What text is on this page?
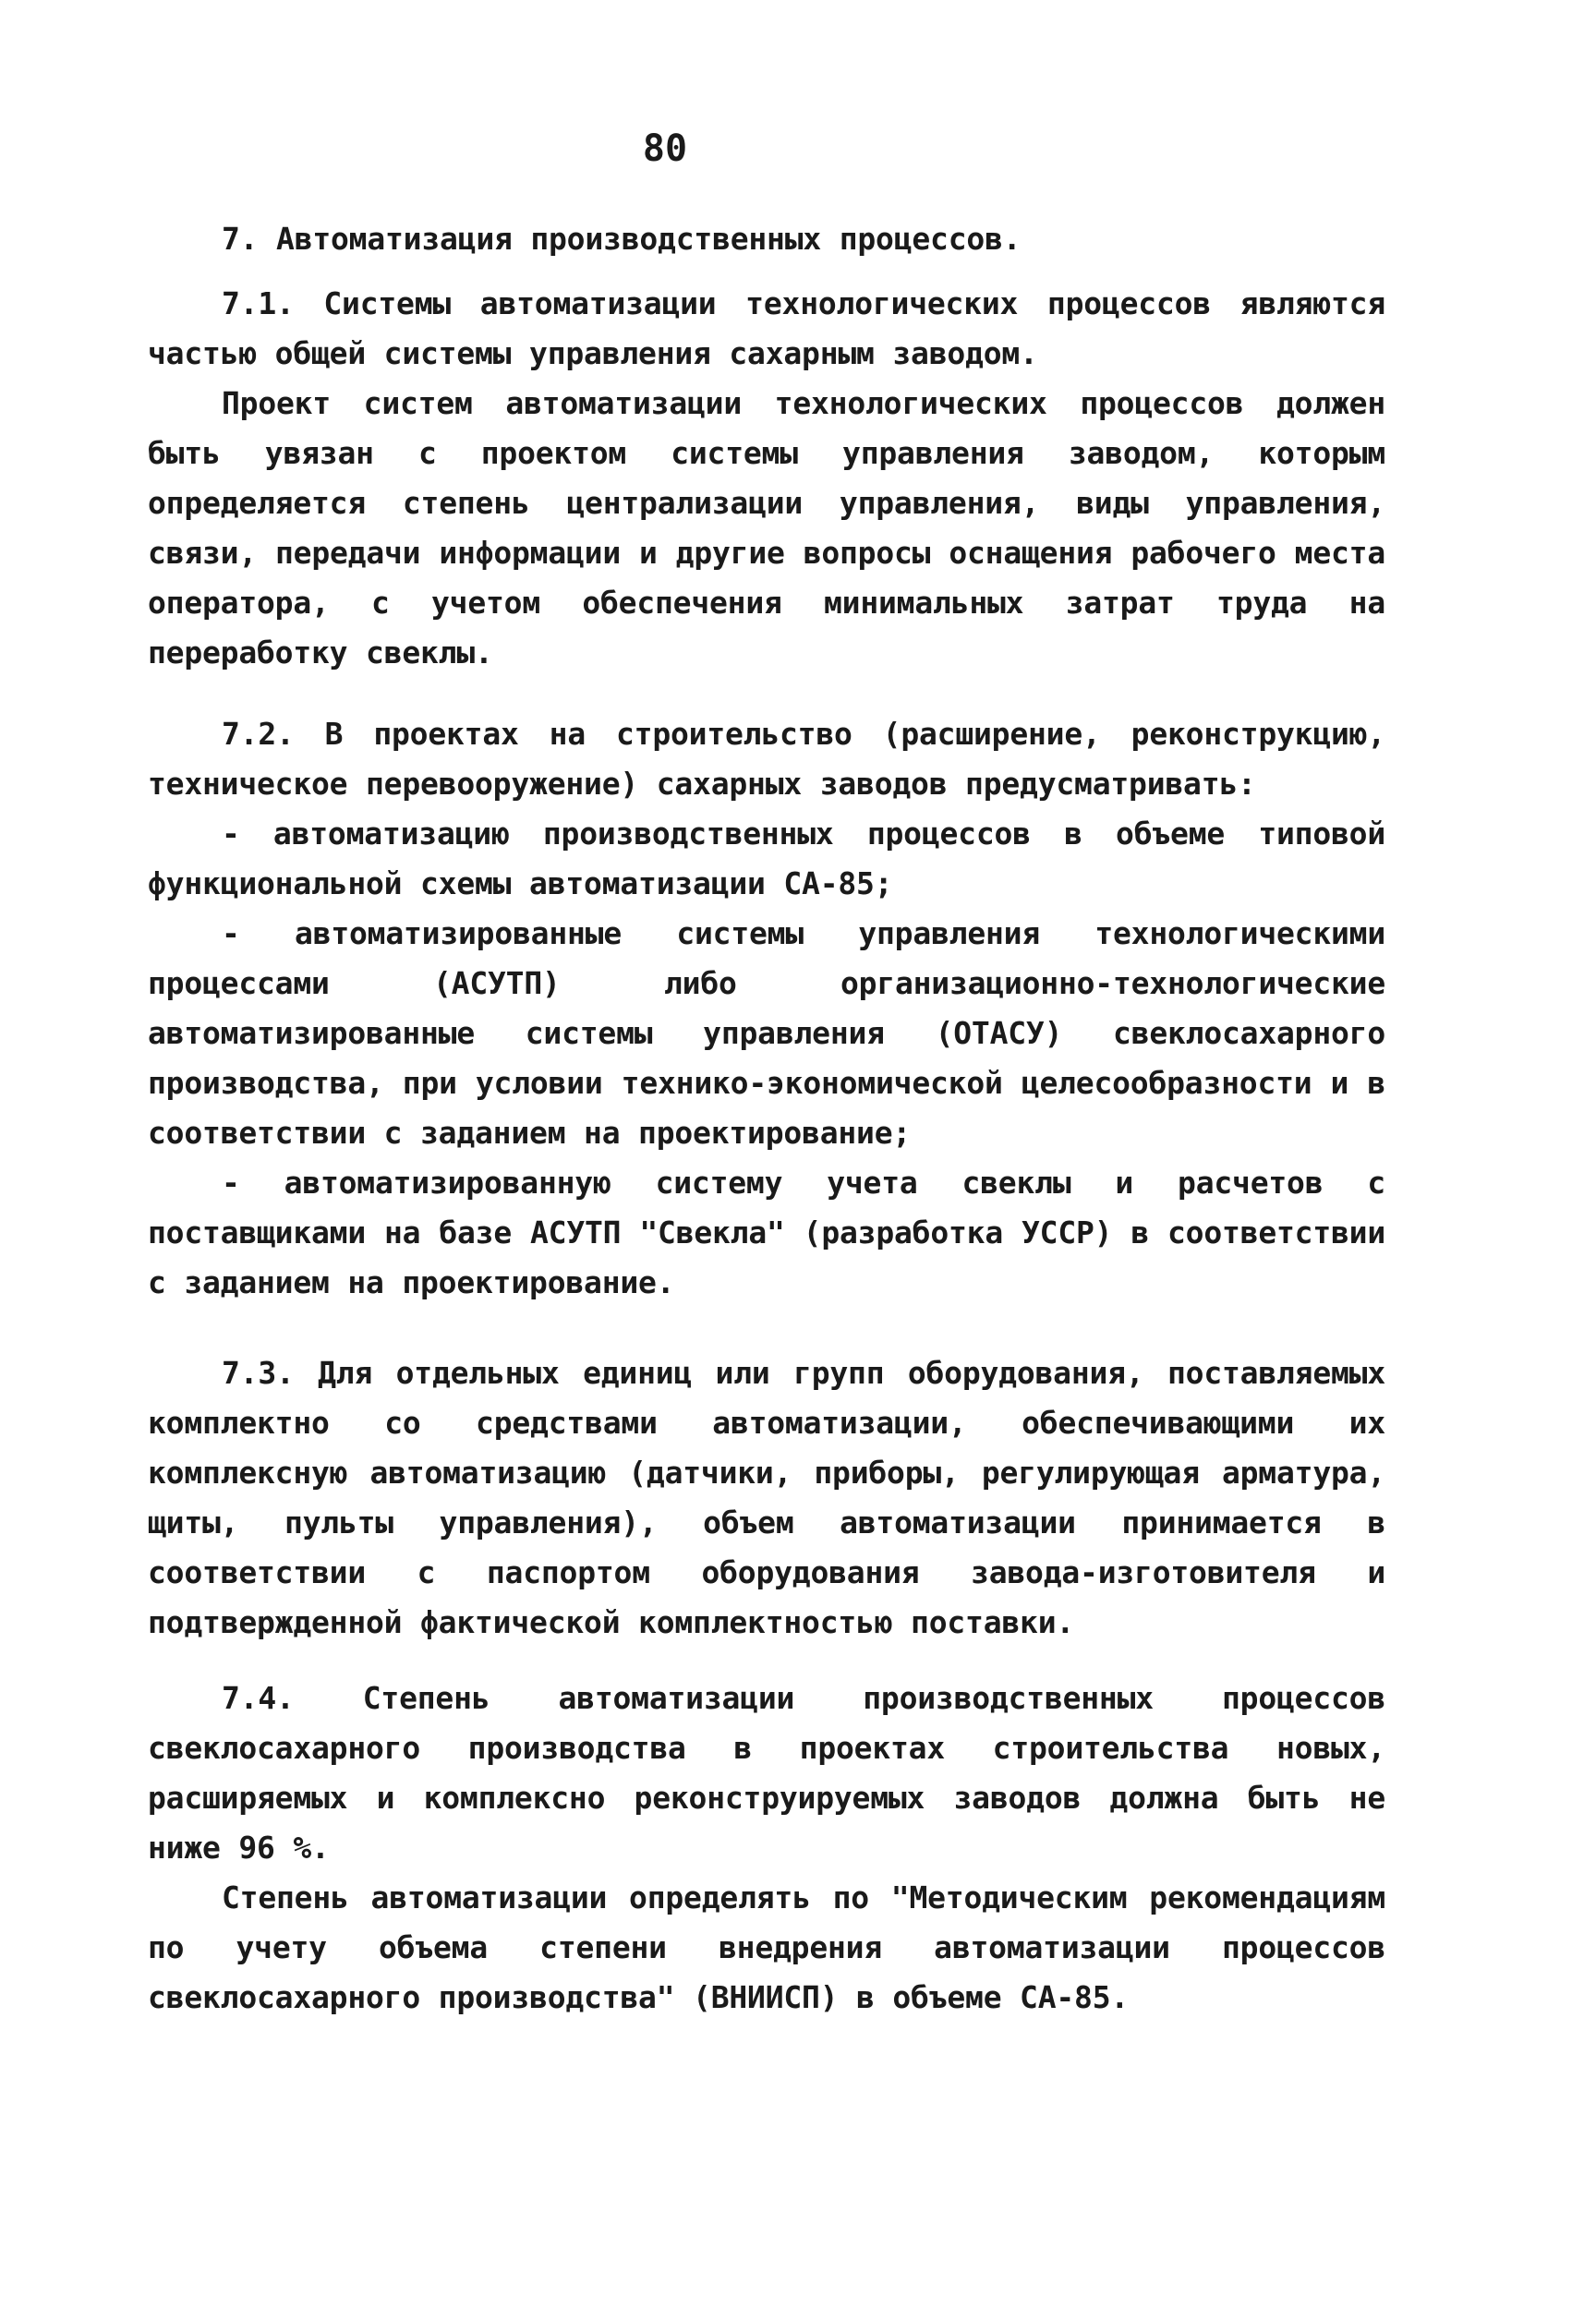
80
7. Автоматизация производственных процессов.
7.1. Системы автоматизации технологических процессов являются частью общей системы управления сахарным заводом.
Проект систем автоматизации технологических процессов должен быть увязан с проектом системы управления заводом, которым определяется степень централизации управления, виды управления, связи, передачи информации и другие вопросы оснащения рабочего места оператора, с учетом обеспечения минимальных затрат труда на переработку свеклы.
7.2. В проектах на строительство (расширение, реконструкцию, техническое перевооружение) сахарных заводов предусматривать:
- автоматизацию производственных процессов в объеме типовой функциональной схемы автоматизации СА-85;
- автоматизированные системы управления технологическими процессами (АСУТП) либо организационно-технологические автоматизированные системы управления (ОТАСУ) свеклосахарного производства, при условии технико-экономической целесообразности и в соответствии с заданием на проектирование;
- автоматизированную систему учета свеклы и расчетов с поставщиками на базе АСУТП "Свекла" (разработка УССР) в соответствии с заданием на проектирование.
7.3. Для отдельных единиц или групп оборудования, поставляемых комплектно со средствами автоматизации, обеспечивающими их комплексную автоматизацию (датчики, приборы, регулирующая арматура, щиты, пульты управления), объем автоматизации принимается в соответствии с паспортом оборудования завода-изготовителя и подтвержденной фактической комплектностью поставки.
7.4. Степень автоматизации производственных процессов свеклосахарного производства в проектах строительства новых, расширяемых и комплексно реконструируемых заводов должна быть не ниже 96 %.
Степень автоматизации определять по "Методическим рекомендациям по учету объема степени внедрения автоматизации процессов свеклосахарного производства" (ВНИИСП) в объеме СА-85.
